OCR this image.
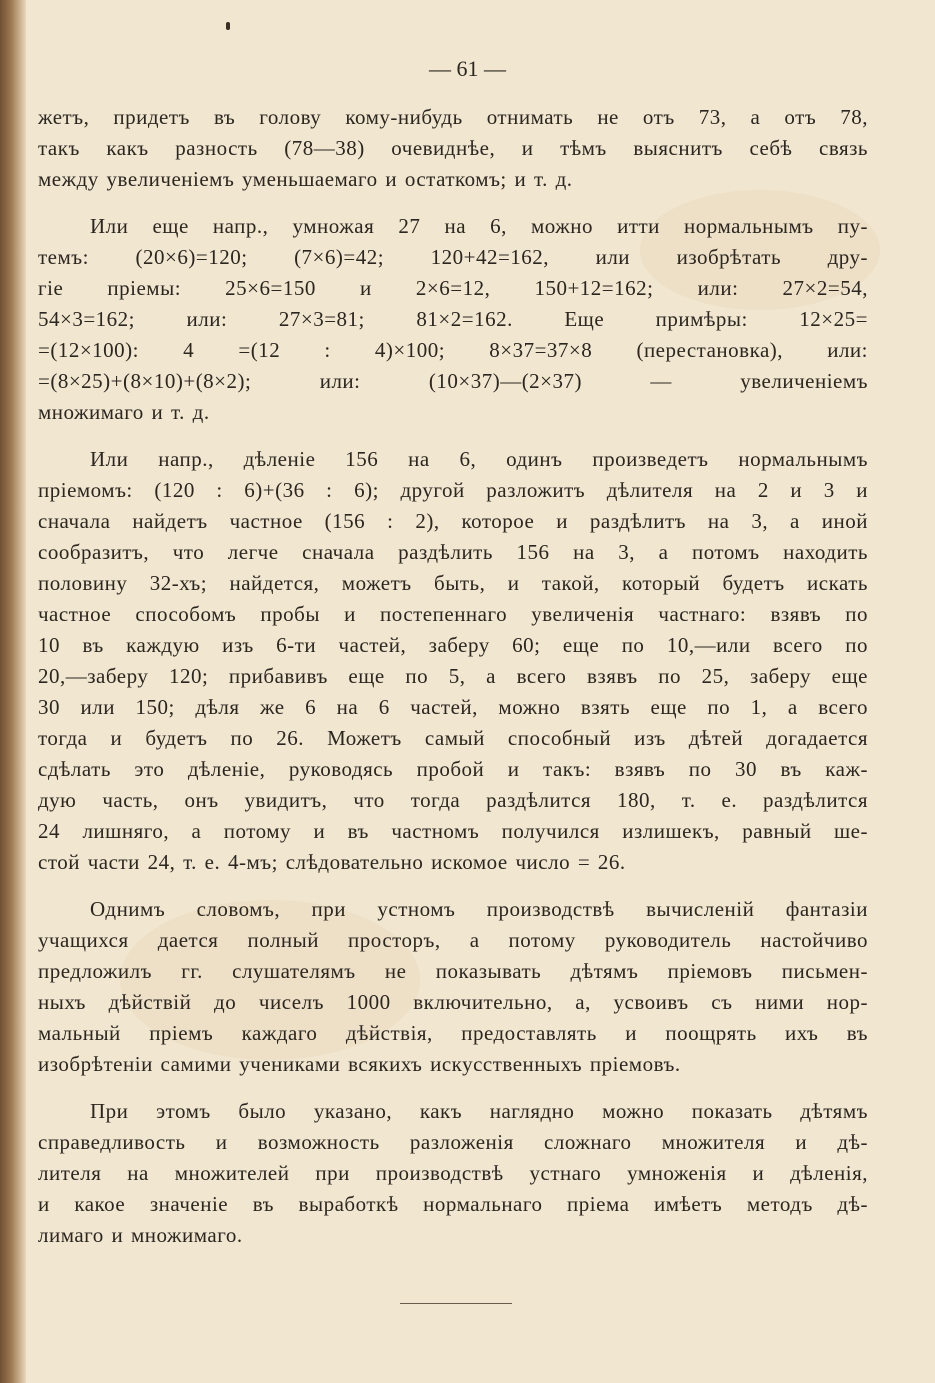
— 61 —

жетъ, придетъ въ голову кому-нибудь отнимать не отъ 73, а отъ 78,
такъ какъ разность (78—38) очевиднѣе, и тѣмъ выяснитъ себѣ связь
между увеличеніемъ уменьшаемаго и остаткомъ; и т. д.

Или еще напр., умножая 27 на 6, можно итти нормальнымъ пу-
темъ: (20×6)=120; (7×6)=42; 120+42=162, или изобрѣтать дру-
гіе пріемы: 25×6=150 и 2×6=12, 150+12=162; или: 27×2=54,
54×3=162; или: 27×3=81; 81×2=162. Еще примѣры: 12×25=
=(12×100): 4 =(12 : 4)×100; 8×37=37×8 (перестановка), или:
=(8×25)+(8×10)+(8×2); или: (10×37)—(2×37) — увеличеніемъ
множимаго и т. д.

Или напр., дѣленіе 156 на 6, одинъ произведетъ нормальнымъ
пріемомъ: (120 : 6)+(36 : 6); другой разложитъ дѣлителя на 2 и 3 и
сначала найдетъ частное (156 : 2), которое и раздѣлитъ на 3, а иной
сообразитъ, что легче сначала раздѣлить 156 на 3, а потомъ находить
половину 32-хъ; найдется, можетъ быть, и такой, который будетъ искать
частное способомъ пробы и постепеннаго увеличенія частнаго: взявъ по
10 въ каждую изъ 6-ти частей, заберу 60; еще по 10,—или всего по
20,—заберу 120; прибавивъ еще по 5, а всего взявъ по 25, заберу еще
30 или 150; дѣля же 6 на 6 частей, можно взять еще по 1, а всего
тогда и будетъ по 26. Можетъ самый способный изъ дѣтей догадается
сдѣлать это дѣленіе, руководясь пробой и такъ: взявъ по 30 въ каж-
дую часть, онъ увидитъ, что тогда раздѣлится 180, т. е. раздѣлится
24 лишняго, а потому и въ частномъ получился излишекъ, равный ше-
стой части 24, т. е. 4-мъ; слѣдовательно искомое число = 26.

Однимъ словомъ, при устномъ производствѣ вычисленій фантазіи
учащихся дается полный просторъ, а потому руководитель настойчиво
предложилъ гг. слушателямъ не показывать дѣтямъ пріемовъ письмен-
ныхъ дѣйствій до чиселъ 1000 включительно, а, усвоивъ съ ними нор-
мальный пріемъ каждаго дѣйствія, предоставлять и поощрять ихъ въ
изобрѣтеніи самими учениками всякихъ искусственныхъ пріемовъ.

При этомъ было указано, какъ наглядно можно показать дѣтямъ
справедливость и возможность разложенія сложнаго множителя и дѣ-
лителя на множителей при производствѣ устнаго умноженія и дѣленія,
и какое значеніе въ выработкѣ нормальнаго пріема имѣетъ методъ дѣ-
лимаго и множимаго.
